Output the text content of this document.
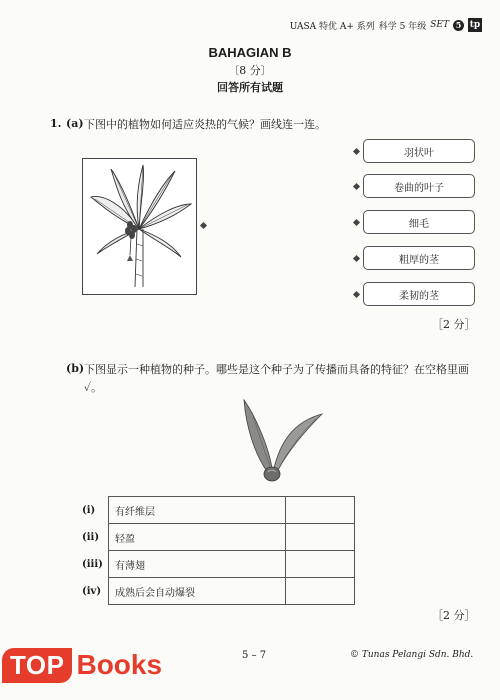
UASA 特优 A+ 系列 科学 5 年级 SET 5 tp
BAHAGIAN B
〔8 分〕
回答所有试题
1. (a) 下图中的植物如何适应炎热的气候？画线连一连。
羽状叶
卷曲的叶子
细毛
粗厚的茎
柔韧的茎
［2 分］
(b) 下图显示一种植物的种子。哪些是这个种子为了传播而具备的特征？在空格里画 ✓。
(i)	有纤维层	
(ii)	轻盈	
(iii)	有薄翅	
(iv)	成熟后会自动爆裂	
［2 分］
5 – 7	© Tunas Pelangi Sdn. Bhd.
TOP Books
